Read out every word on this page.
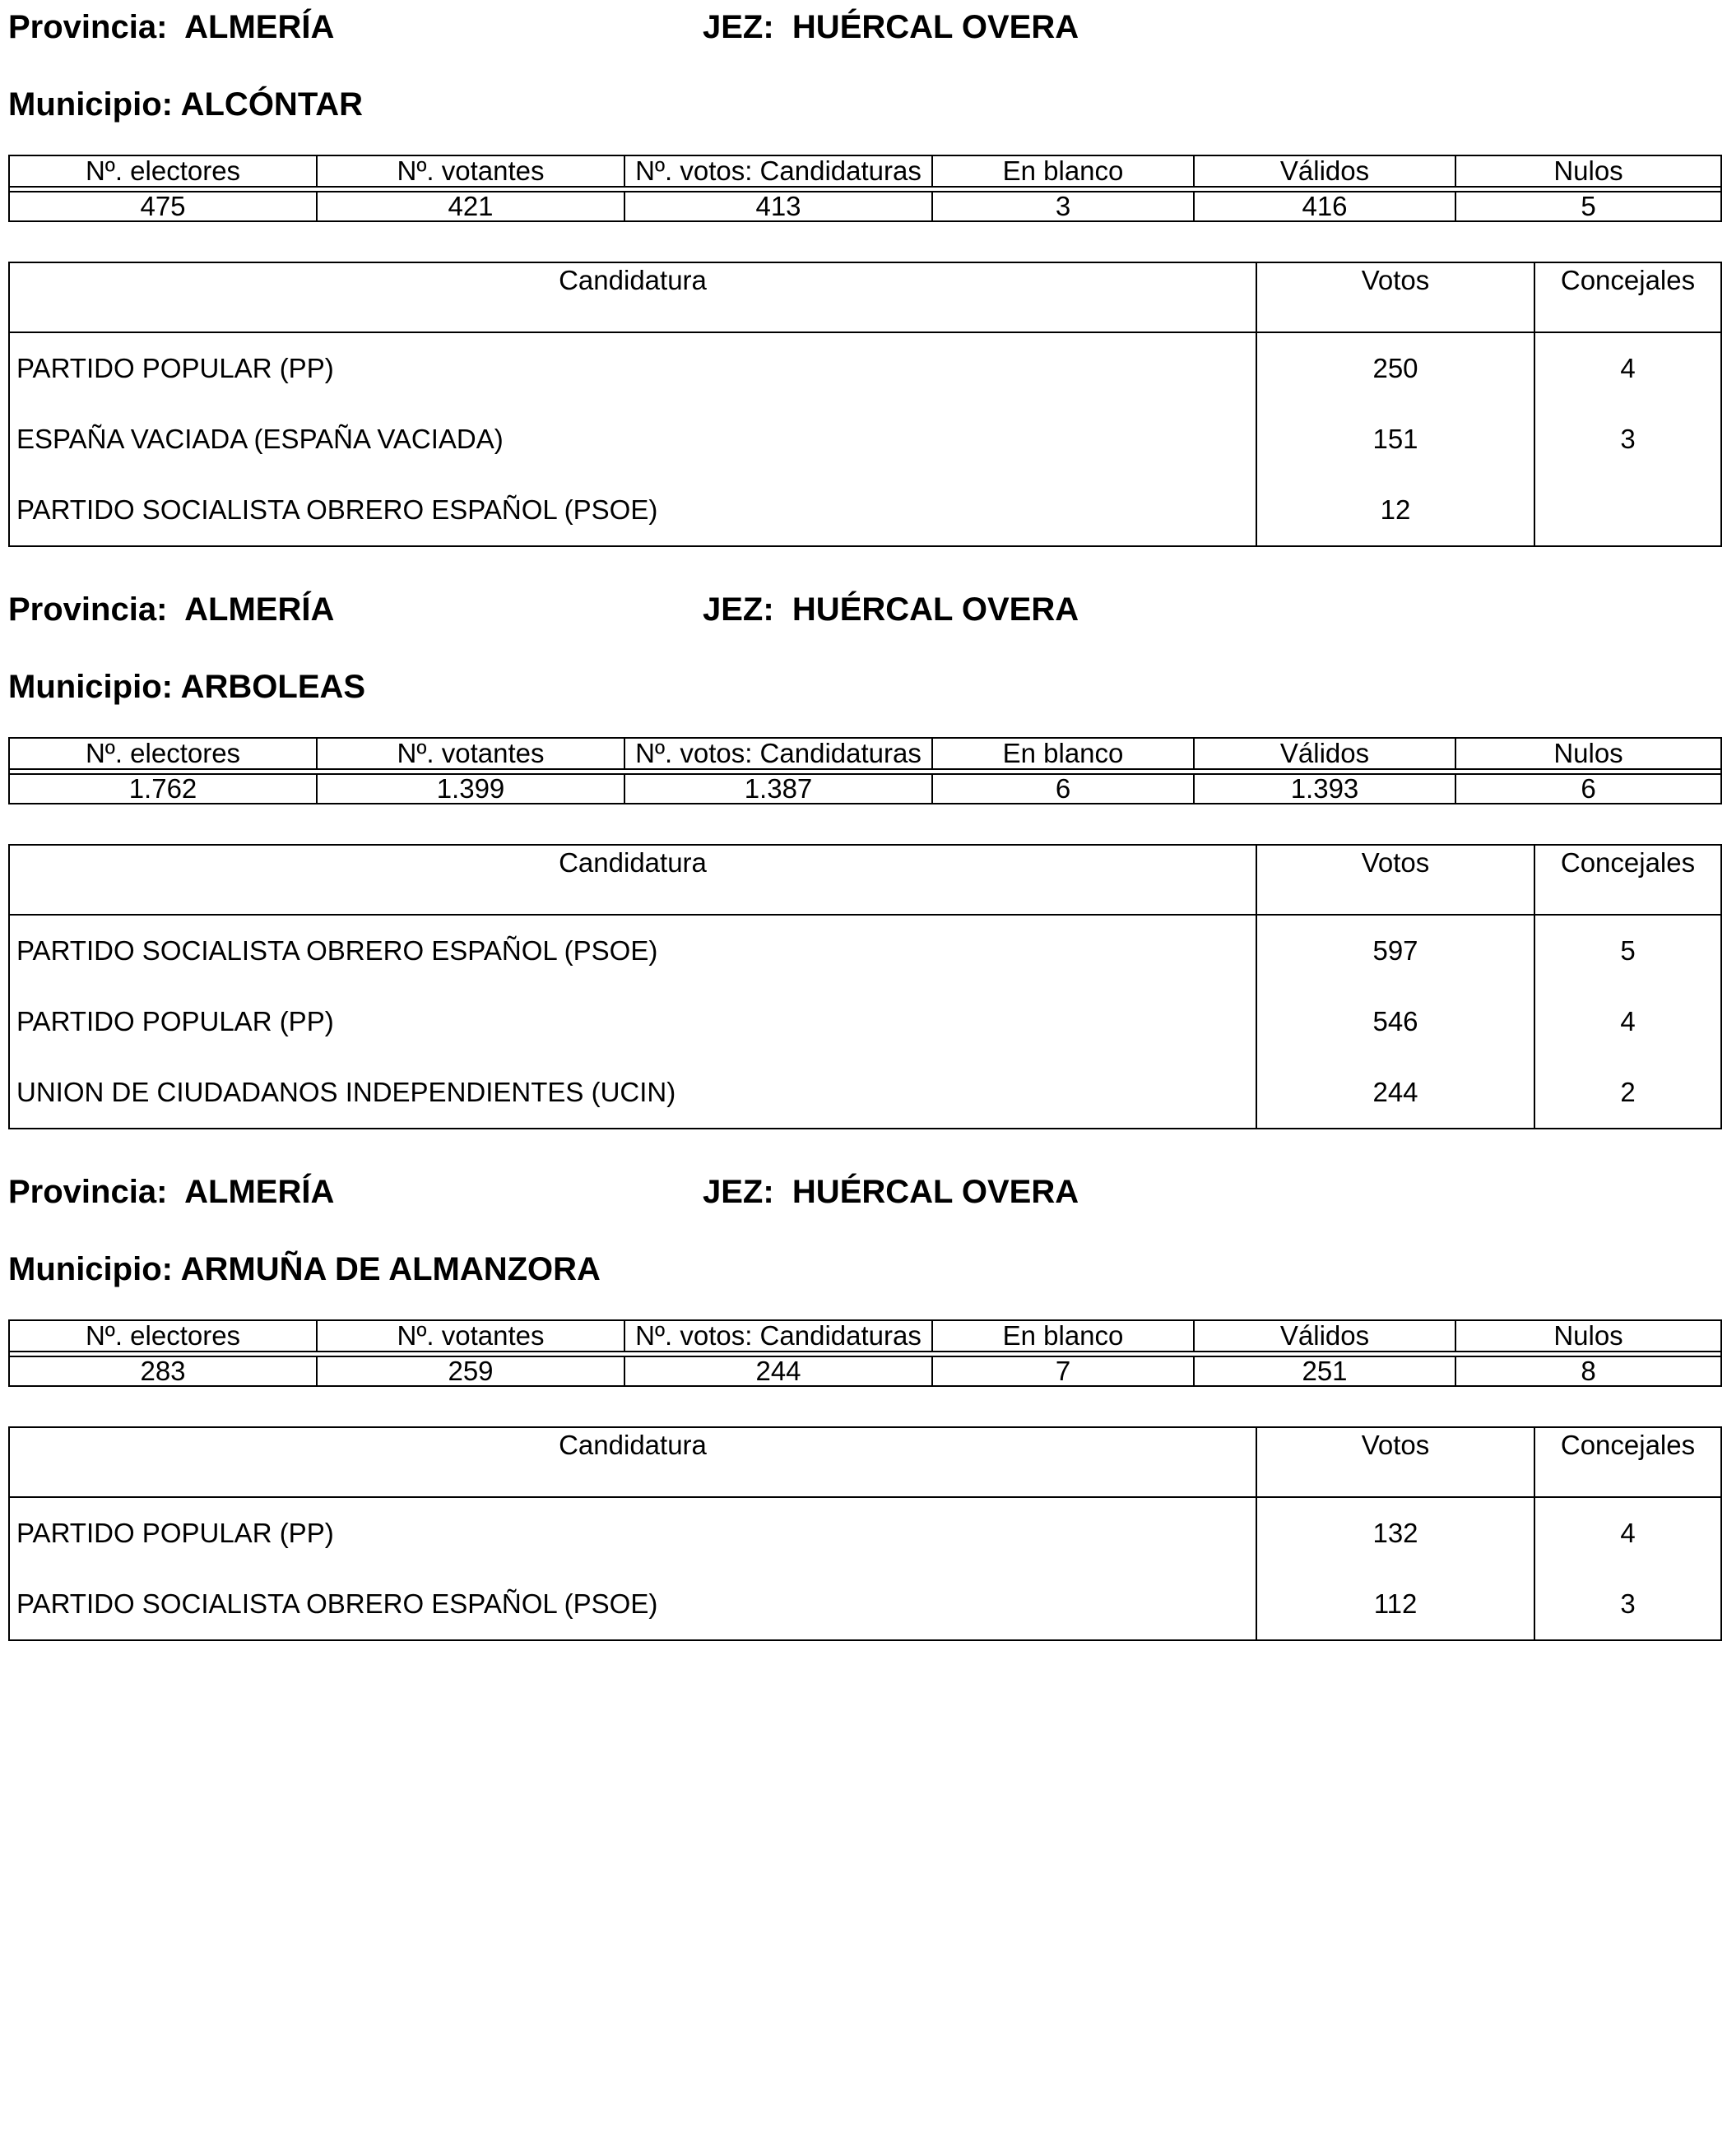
Provincia: ALMERÍA	JEZ: HUÉRCAL OVERA
Municipio: ALCÓNTAR
Nº. electores	Nº. votantes	Nº. votos: Candidaturas	En blanco	Válidos	Nulos

475	421	413	3	416	5
Candidatura	Votos	Concejales
PARTIDO POPULAR (PP)	250	4
ESPAÑA VACIADA (ESPAÑA VACIADA)	151	3
PARTIDO SOCIALISTA OBRERO ESPAÑOL (PSOE)	12	
Provincia: ALMERÍA	JEZ: HUÉRCAL OVERA
Municipio: ARBOLEAS
Nº. electores	Nº. votantes	Nº. votos: Candidaturas	En blanco	Válidos	Nulos

1.762	1.399	1.387	6	1.393	6
Candidatura	Votos	Concejales
PARTIDO SOCIALISTA OBRERO ESPAÑOL (PSOE)	597	5
PARTIDO POPULAR (PP)	546	4
UNION DE CIUDADANOS INDEPENDIENTES (UCIN)	244	2
Provincia: ALMERÍA	JEZ: HUÉRCAL OVERA
Municipio: ARMUÑA DE ALMANZORA
Nº. electores	Nº. votantes	Nº. votos: Candidaturas	En blanco	Válidos	Nulos

283	259	244	7	251	8
Candidatura	Votos	Concejales
PARTIDO POPULAR (PP)	132	4
PARTIDO SOCIALISTA OBRERO ESPAÑOL (PSOE)	112	3
